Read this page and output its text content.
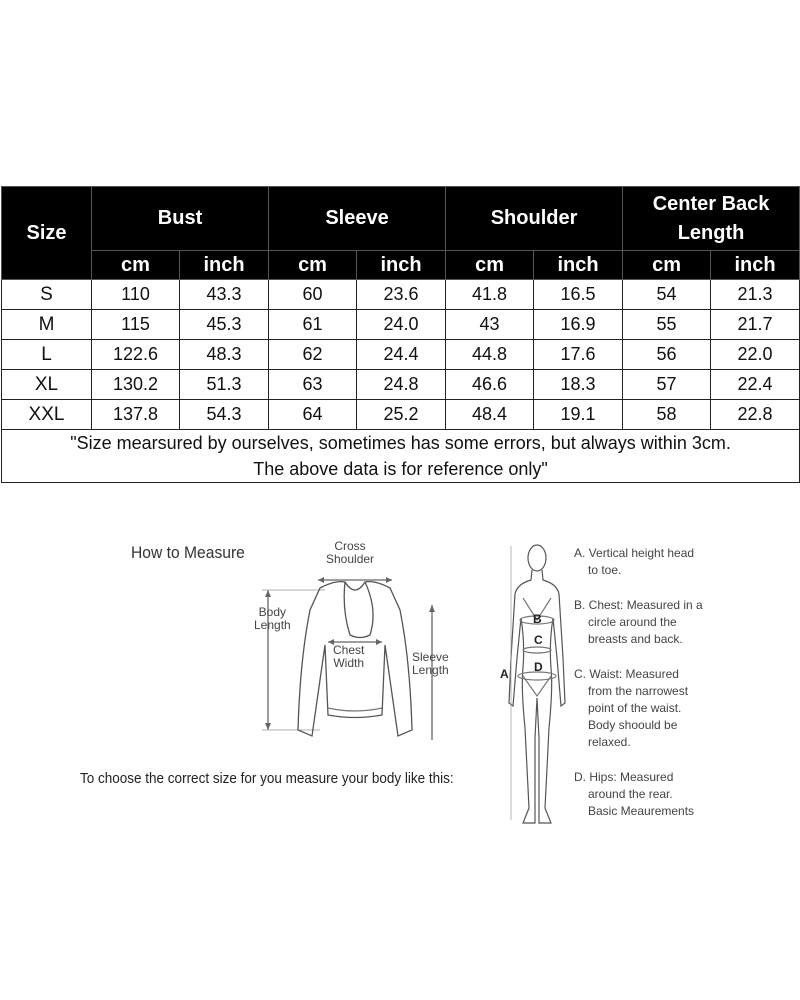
Size	Bust		Sleeve		Shoulder		Center Back Length	
	cm	inch	cm	inch	cm	inch	cm	inch
S	110	43.3	60	23.6	41.8	16.5	54	21.3
M	115	45.3	61	24.0	43	16.9	55	21.7
L	122.6	48.3	62	24.4	44.8	17.6	56	22.0
XL	130.2	51.3	63	24.8	46.6	18.3	57	22.4
XXL	137.8	54.3	64	25.2	48.4	19.1	58	22.8

"Size mearsured by ourselves, sometimes has some errors, but always within 3cm.
The above data is for reference only"								
How to Measure	Cross
Shoulder
Body
Length
Chest
Width	Sleeve
Length
To choose the correct size for you measure your body like this:
B
C
D
A
A. Vertical height head
to toe.
B. Chest: Measured in a
circle around the
breasts and back.
C. Waist: Measured
from the narrowest
point of the waist.
Body shoould be
relaxed.
D. Hips: Measured
around the rear.
Basic Meaurements
